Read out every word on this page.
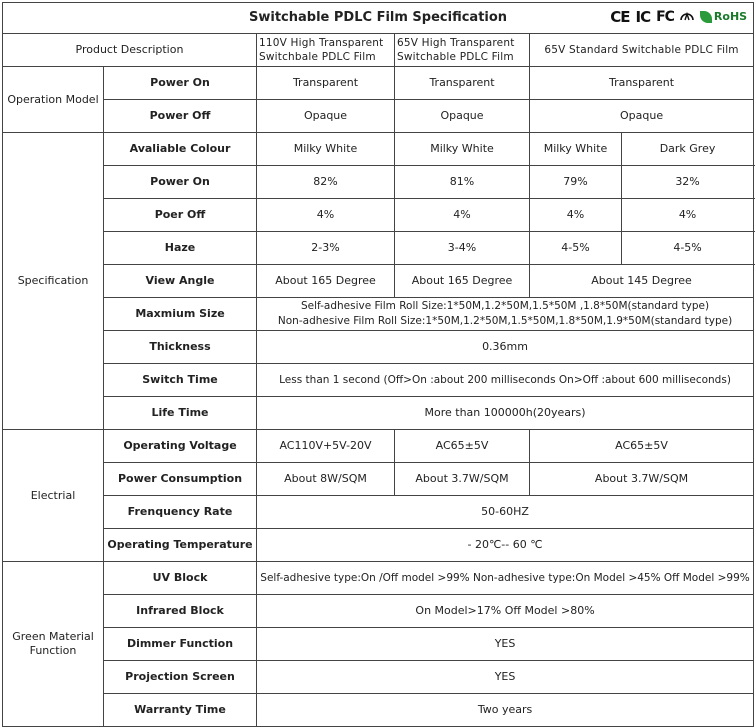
Switchable PDLC Film Specification CE IC FC RoHS					

Product Description		110V High Transparent Switchbale PDLC Film	65V High Transparent Switchable PDLC Film	65V Standard Switchable PDLC Film	
Operation Model	Power On	Transparent	Transparent	Transparent	
	Power Off	Opaque	Opaque	Opaque	
Specification	Avaliable Colour	Milky White	Milky White	Milky White	Dark Grey
	Power On	82%	81%	79%	32%
	Poer Off	4%	4%	4%	4%
	Haze	2-3%	3-4%	4-5%	4-5%
	View Angle	About 165 Degree	About 165 Degree	About 145 Degree	
	Maxmium Size	Self-adhesive Film Roll Size:1*50M,1.2*50M,1.5*50M ,1.8*50M(standard type)
Non-adhesive Film Roll Size:1*50M,1.2*50M,1.5*50M,1.8*50M,1.9*50M(standard type)			

	Thickness	0.36mm			
	Switch Time	Less than 1 second (Off>On :about 200 milliseconds On>Off :about 600 milliseconds)			
	Life Time	More than 100000h(20years)			
Electrial	Operating Voltage	AC110V+5V-20V	AC65±5V	AC65±5V	
	Power Consumption	About 8W/SQM	About 3.7W/SQM	About 3.7W/SQM	
	Frenquency Rate	50-60HZ			
	Operating Temperature	- 20℃-- 60 ℃			
Green Material Function	UV Block	Self-adhesive type:On /Off model >99% Non-adhesive type:On Model >45% Off Model >99%			
	Infrared Block	On Model>17% Off Model >80%			
	Dimmer Function	YES			
	Projection Screen	YES			
	Warranty Time	Two years			
